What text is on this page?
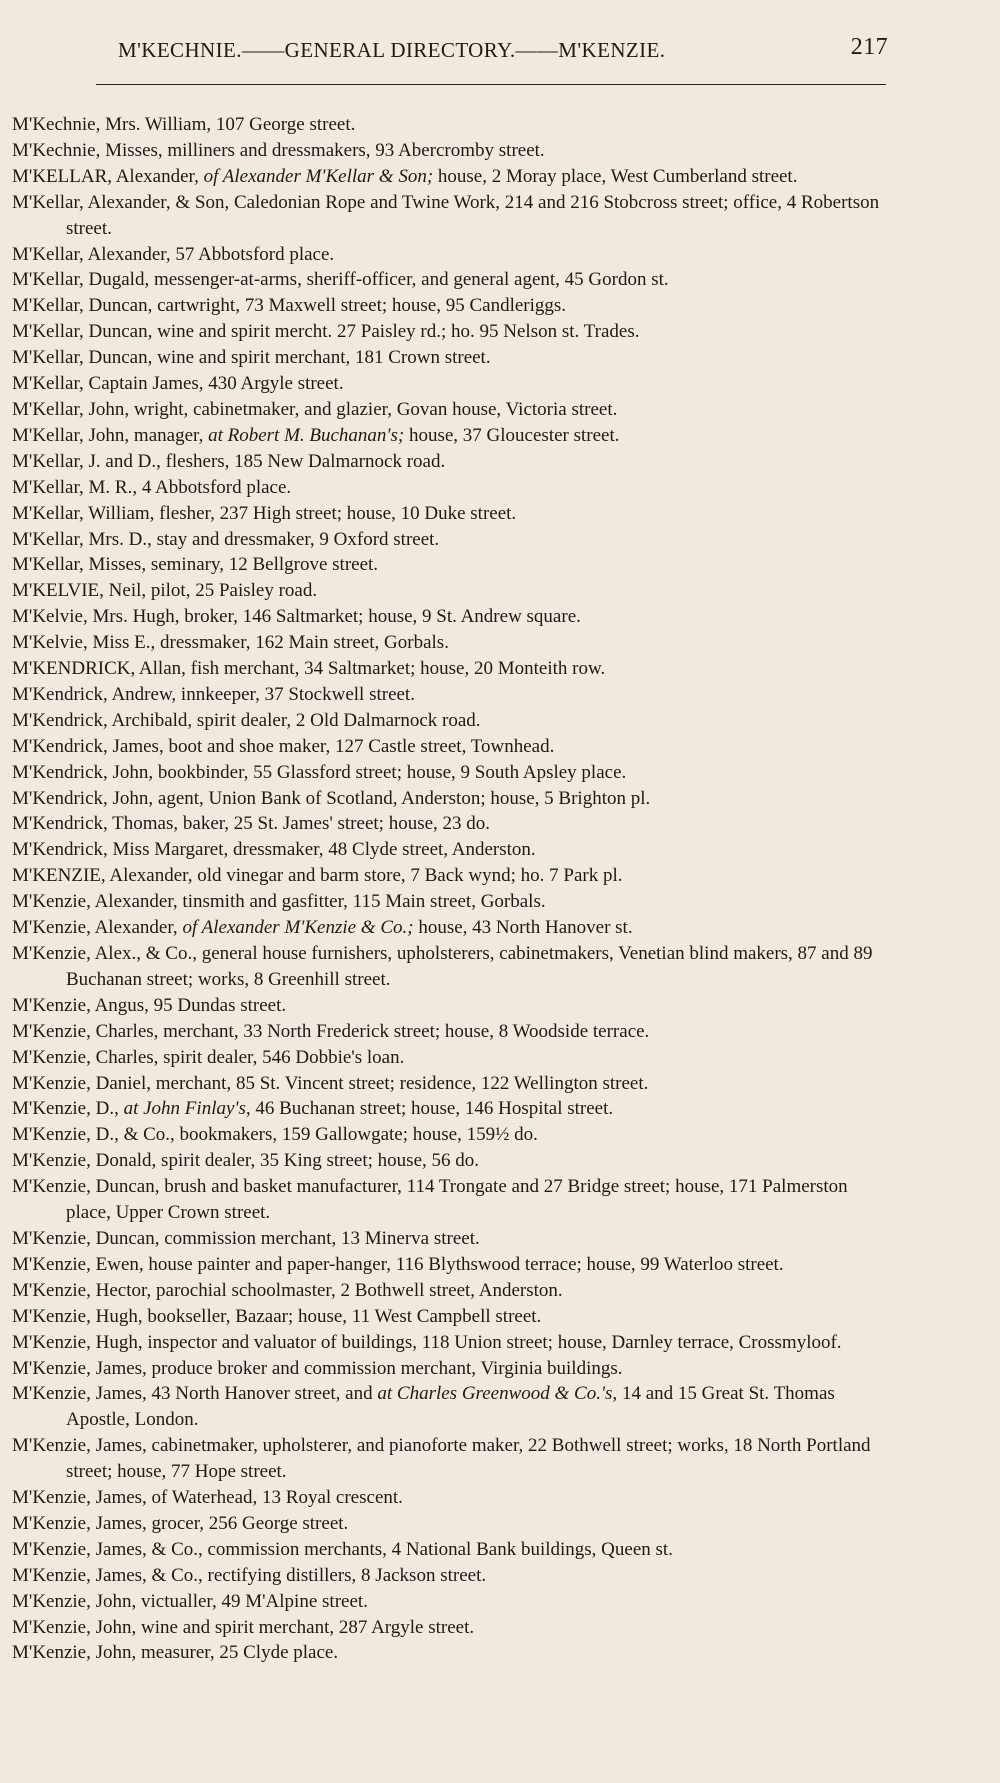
M'KECHNIE.——GENERAL DIRECTORY.——M'KENZIE.	217

M'Kechnie, Mrs. William, 107 George street.

M'Kechnie, Misses, milliners and dressmakers, 93 Abercromby street.

M'KELLAR, Alexander, of Alexander M'Kellar & Son; house, 2 Moray place, West Cumberland street.

M'Kellar, Alexander, & Son, Caledonian Rope and Twine Work, 214 and 216 Stobcross street; office, 4 Robertson street.

M'Kellar, Alexander, 57 Abbotsford place.

M'Kellar, Dugald, messenger-at-arms, sheriff-officer, and general agent, 45 Gordon st.

M'Kellar, Duncan, cartwright, 73 Maxwell street; house, 95 Candleriggs.

M'Kellar, Duncan, wine and spirit mercht. 27 Paisley rd.; ho. 95 Nelson st. Trades.

M'Kellar, Duncan, wine and spirit merchant, 181 Crown street.

M'Kellar, Captain James, 430 Argyle street.

M'Kellar, John, wright, cabinetmaker, and glazier, Govan house, Victoria street.

M'Kellar, John, manager, at Robert M. Buchanan's; house, 37 Gloucester street.

M'Kellar, J. and D., fleshers, 185 New Dalmarnock road.

M'Kellar, M. R., 4 Abbotsford place.

M'Kellar, William, flesher, 237 High street; house, 10 Duke street.

M'Kellar, Mrs. D., stay and dressmaker, 9 Oxford street.

M'Kellar, Misses, seminary, 12 Bellgrove street.

M'KELVIE, Neil, pilot, 25 Paisley road.

M'Kelvie, Mrs. Hugh, broker, 146 Saltmarket; house, 9 St. Andrew square.

M'Kelvie, Miss E., dressmaker, 162 Main street, Gorbals.

M'KENDRICK, Allan, fish merchant, 34 Saltmarket; house, 20 Monteith row.

M'Kendrick, Andrew, innkeeper, 37 Stockwell street.

M'Kendrick, Archibald, spirit dealer, 2 Old Dalmarnock road.

M'Kendrick, James, boot and shoe maker, 127 Castle street, Townhead.

M'Kendrick, John, bookbinder, 55 Glassford street; house, 9 South Apsley place.

M'Kendrick, John, agent, Union Bank of Scotland, Anderston; house, 5 Brighton pl.

M'Kendrick, Thomas, baker, 25 St. James' street; house, 23 do.

M'Kendrick, Miss Margaret, dressmaker, 48 Clyde street, Anderston.

M'KENZIE, Alexander, old vinegar and barm store, 7 Back wynd; ho. 7 Park pl.

M'Kenzie, Alexander, tinsmith and gasfitter, 115 Main street, Gorbals.

M'Kenzie, Alexander, of Alexander M'Kenzie & Co.; house, 43 North Hanover st.

M'Kenzie, Alex., & Co., general house furnishers, upholsterers, cabinetmakers, Venetian blind makers, 87 and 89 Buchanan street; works, 8 Greenhill street.

M'Kenzie, Angus, 95 Dundas street.

M'Kenzie, Charles, merchant, 33 North Frederick street; house, 8 Woodside terrace.

M'Kenzie, Charles, spirit dealer, 546 Dobbie's loan.

M'Kenzie, Daniel, merchant, 85 St. Vincent street; residence, 122 Wellington street.

M'Kenzie, D., at John Finlay's, 46 Buchanan street; house, 146 Hospital street.

M'Kenzie, D., & Co., bookmakers, 159 Gallowgate; house, 159½ do.

M'Kenzie, Donald, spirit dealer, 35 King street; house, 56 do.

M'Kenzie, Duncan, brush and basket manufacturer, 114 Trongate and 27 Bridge street; house, 171 Palmerston place, Upper Crown street.

M'Kenzie, Duncan, commission merchant, 13 Minerva street.

M'Kenzie, Ewen, house painter and paper-hanger, 116 Blythswood terrace; house, 99 Waterloo street.

M'Kenzie, Hector, parochial schoolmaster, 2 Bothwell street, Anderston.

M'Kenzie, Hugh, bookseller, Bazaar; house, 11 West Campbell street.

M'Kenzie, Hugh, inspector and valuator of buildings, 118 Union street; house, Darnley terrace, Crossmyloof.

M'Kenzie, James, produce broker and commission merchant, Virginia buildings.

M'Kenzie, James, 43 North Hanover street, and at Charles Greenwood & Co.'s, 14 and 15 Great St. Thomas Apostle, London.

M'Kenzie, James, cabinetmaker, upholsterer, and pianoforte maker, 22 Bothwell street; works, 18 North Portland street; house, 77 Hope street.

M'Kenzie, James, of Waterhead, 13 Royal crescent.

M'Kenzie, James, grocer, 256 George street.

M'Kenzie, James, & Co., commission merchants, 4 National Bank buildings, Queen st.

M'Kenzie, James, & Co., rectifying distillers, 8 Jackson street.

M'Kenzie, John, victualler, 49 M'Alpine street.

M'Kenzie, John, wine and spirit merchant, 287 Argyle street.

M'Kenzie, John, measurer, 25 Clyde place.
